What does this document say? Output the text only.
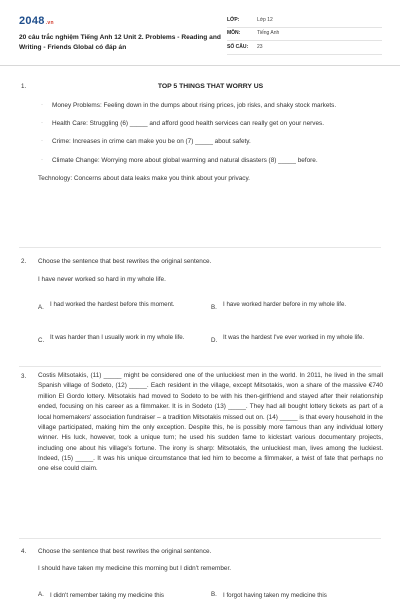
2048.vn
20 câu trắc nghiệm Tiếng Anh 12 Unit 2. Problems - Reading and Writing - Friends Global có đáp án
LỚP:	Lớp 12
MÔN:	Tiếng Anh
SỐ CÂU:	23
1.	TOP 5 THINGS THAT WORRY US
· Money Problems: Feeling down in the dumps about rising prices, job risks, and shaky stock markets.
· Health Care: Struggling (6) _____ and afford good health services can really get on your nerves.
· Crime: Increases in crime can make you be on (7) _____ about safety.
· Climate Change: Worrying more about global warming and natural disasters (8) _____ before.
Technology: Concerns about data leaks make you think about your privacy.
2. Choose the sentence that best rewrites the original sentence.
I have never worked so hard in my whole life.
A. I had worked the hardest before this moment.	B. I have worked harder before in my whole life.
C. It was harder than I usually work in my whole life.	D. It was the hardest I've ever worked in my whole life.
3. Costis Mitsotakis, (11) _____ might be considered one of the unluckiest men in the world. In 2011, he lived in the small Spanish village of Sodeto, (12) _____. Each resident in the village, except Mitsotakis, won a share of the massive €740 million El Gordo lottery. Mitsotakis had moved to Sodeto to be with his then-girlfriend and stayed after their relationship ended, focusing on his career as a filmmaker. It is in Sodeto (13) _____. They had all bought lottery tickets as part of a local homemakers' association fundraiser – a tradition Mitsotakis missed out on. (14) _____ is that every household in the village participated, making him the only exception. Despite this, he is possibly more famous than any individual lottery winner. His luck, however, took a unique turn; he used his sudden fame to kickstart various documentary projects, including one about his village's fortune. The irony is sharp: Mitsotakis, the unluckiest man, lives among the luckiest. Indeed, (15) _____. It was his unique circumstance that led him to become a filmmaker, a twist of fate that perhaps no one else could claim.
4. Choose the sentence that best rewrites the original sentence.
I should have taken my medicine this morning but I didn't remember.
A. I didn't remember taking my medicine this	B. I forgot having taken my medicine this
